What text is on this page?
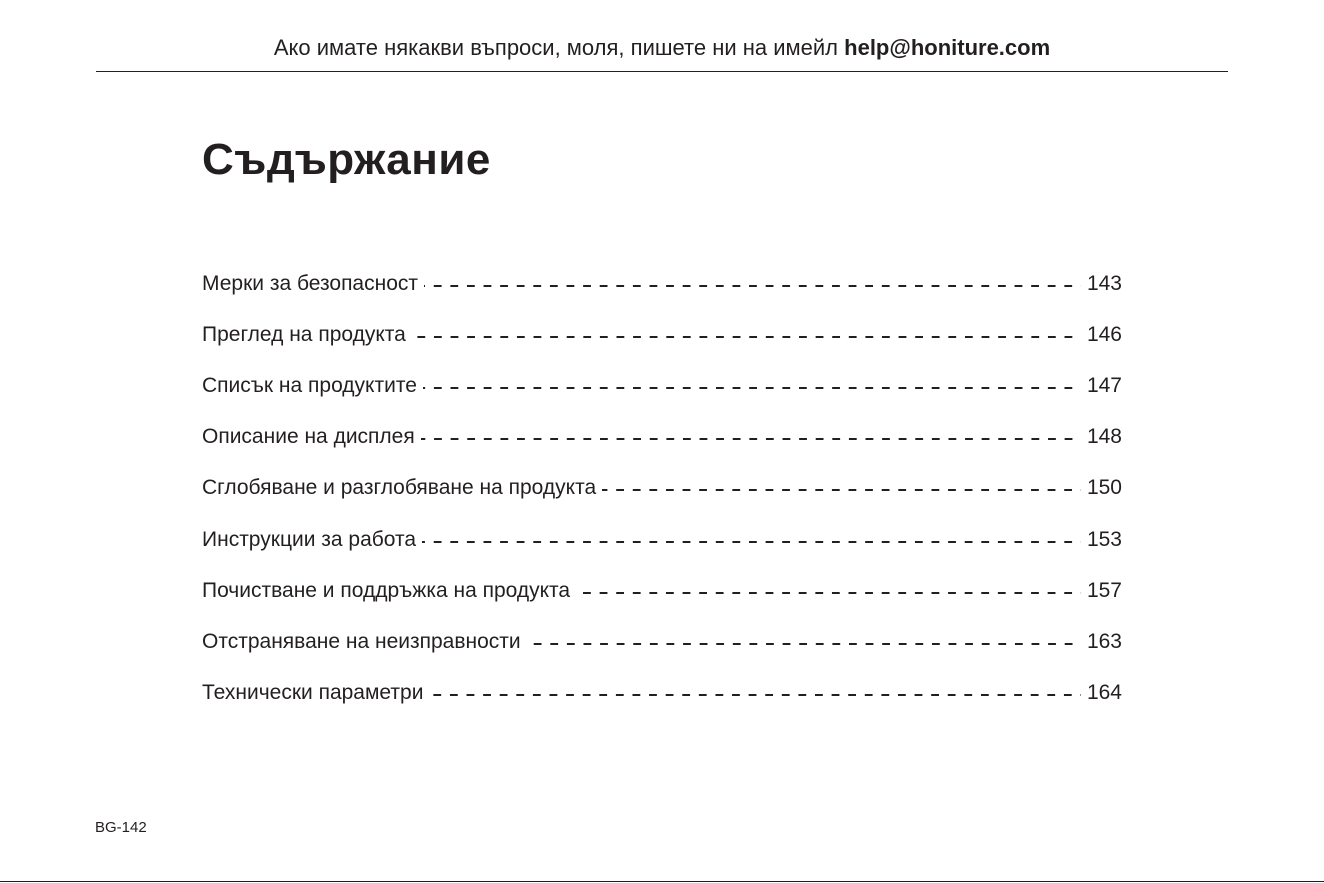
Ако имате някакви въпроси, моля, пишете ни на имейл help@honiture.com
Съдържание
Мерки за безопасност	143
Преглед на продукта	146
Списък на продуктите	147
Описание на дисплея	148
Сглобяване и разглобяване на продукта	150
Инструкции за работа	153
Почистване и поддръжка на продукта	157
Отстраняване на неизправности	163
Технически параметри	164
BG-142
